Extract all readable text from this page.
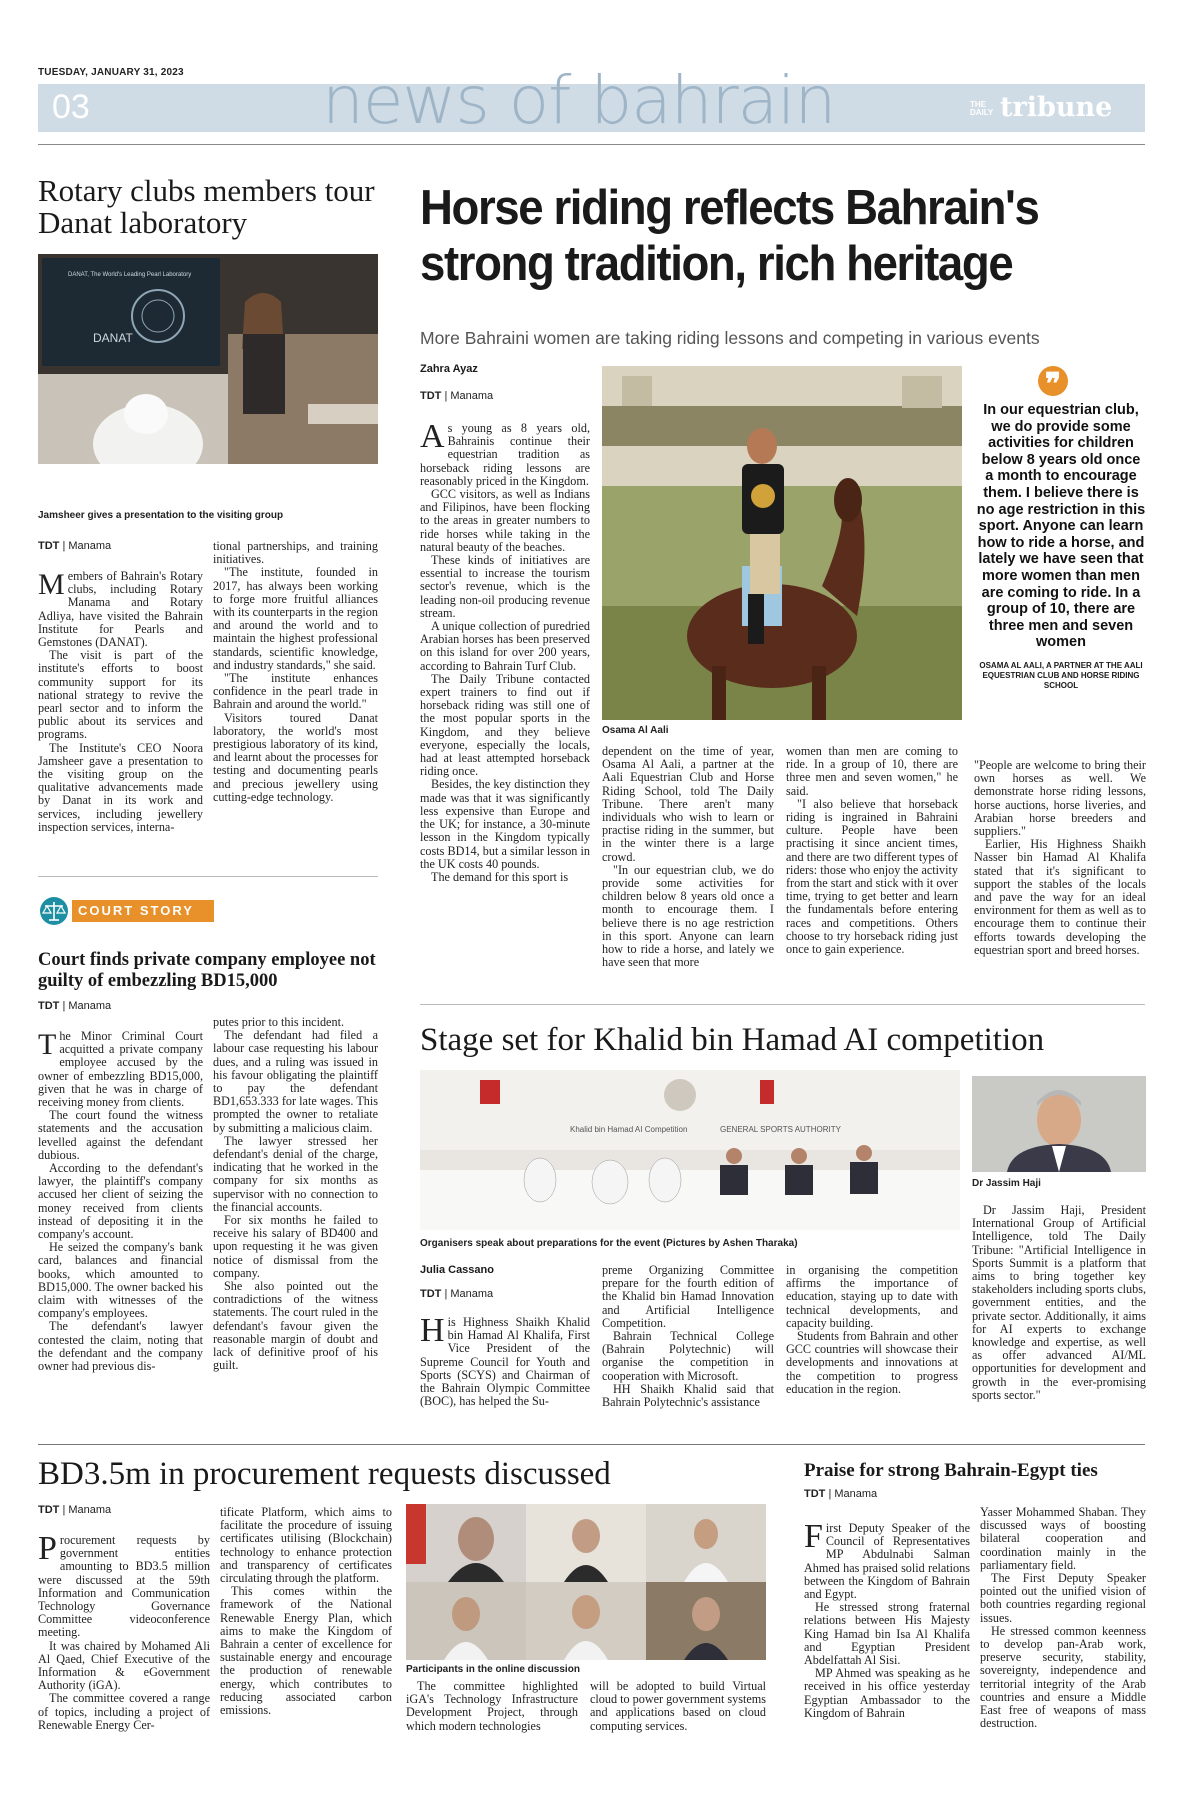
TUESDAY, JANUARY 31, 2023
03	news of bahrain	THE DAILY tribune
Rotary clubs members tour Danat laboratory
DANAT, The World's Leading Pearl Laboratory
DANAT
Jamsheer gives a presentation to the visiting group
TDT | Manama

Members of Bahrain's Rotary clubs, including Rotary Manama and Rotary Adliya, have visited the Bahrain Institute for Pearls and Gemstones (DANAT).

The visit is part of the institute's efforts to boost community support for its national strategy to revive the pearl sector and to inform the public about its services and programs.

The Institute's CEO Noora Jamsheer gave a presentation to the visiting group on the qualitative advancements made by Danat in its work and services, including jewellery inspection services, interna-

tional partnerships, and training initiatives.

"The institute, founded in 2017, has always been working to forge more fruitful alliances with its counterparts in the region and around the world and to maintain the highest professional standards, scientific knowledge, and industry standards," she said.

"The institute enhances confidence in the pearl trade in Bahrain and around the world."

Visitors toured Danat laboratory, the world's most prestigious laboratory of its kind, and learnt about the processes for testing and documenting pearls and precious jewellery using cutting-edge technology.

COURT STORY
Court finds private company employee not guilty of embezzling BD15,000
TDT | Manama

The Minor Criminal Court acquitted a private company employee accused by the owner of embezzling BD15,000, given that he was in charge of receiving money from clients.

The court found the witness statements and the accusation levelled against the defendant dubious.

According to the defendant's lawyer, the plaintiff's company accused her client of seizing the money received from clients instead of depositing it in the company's account.

He seized the company's bank card, balances and financial books, which amounted to BD15,000. The owner backed his claim with witnesses of the company's employees.

The defendant's lawyer contested the claim, noting that the defendant and the company owner had previous dis-

putes prior to this incident.

The defendant had filed a labour case requesting his labour dues, and a ruling was issued in his favour obligating the plaintiff to pay the defendant BD1,653.333 for late wages. This prompted the owner to retaliate by submitting a malicious claim.

The lawyer stressed her defendant's denial of the charge, indicating that he worked in the company for six months as supervisor with no connection to the financial accounts.

For six months he failed to receive his salary of BD400 and upon requesting it he was given notice of dismissal from the company.

She also pointed out the contradictions of the witness statements. The court ruled in the defendant's favour given the reasonable margin of doubt and lack of definitive proof of his guilt.

Horse riding reflects Bahrain's strong tradition, rich heritage
More Bahraini women are taking riding lessons and competing in various events
Zahra Ayaz
TDT | Manama
Osama Al Aali
❞
In our equestrian club, we do provide some activities for children below 8 years old once a month to encourage them. I believe there is no age restriction in this sport. Anyone can learn how to ride a horse, and lately we have seen that more women than men are coming to ride. In a group of 10, there are three men and seven women
OSAMA AL AALI, A PARTNER AT THE AALI EQUESTRIAN CLUB AND HORSE RIDING SCHOOL

As young as 8 years old, Bahrainis continue their equestrian tradition as horseback riding lessons are reasonably priced in the Kingdom.

GCC visitors, as well as Indians and Filipinos, have been flocking to the areas in greater numbers to ride horses while taking in the natural beauty of the beaches.

These kinds of initiatives are essential to increase the tourism sector's revenue, which is the leading non-oil producing revenue stream.

A unique collection of puredried Arabian horses has been preserved on this island for over 200 years, according to Bahrain Turf Club.

The Daily Tribune contacted expert trainers to find out if horseback riding was still one of the most popular sports in the Kingdom, and they believe everyone, especially the locals, had at least attempted horseback riding once.

Besides, the key distinction they made was that it was significantly less expensive than Europe and the UK; for instance, a 30-minute lesson in the Kingdom typically costs BD14, but a similar lesson in the UK costs 40 pounds.

The demand for this sport is

dependent on the time of year, Osama Al Aali, a partner at the Aali Equestrian Club and Horse Riding School, told The Daily Tribune. There aren't many individuals who wish to learn or practise riding in the summer, but in the winter there is a large crowd.

"In our equestrian club, we do provide some activities for children below 8 years old once a month to encourage them. I believe there is no age restriction in this sport. Anyone can learn how to ride a horse, and lately we have seen that more

women than men are coming to ride. In a group of 10, there are three men and seven women," he said.

"I also believe that horseback riding is ingrained in Bahraini culture. People have been practising it since ancient times, and there are two different types of riders: those who enjoy the activity from the start and stick with it over time, trying to get better and learn the fundamentals before entering races and competitions. Others choose to try horseback riding just once to gain experience.

"People are welcome to bring their own horses as well. We demonstrate horse riding lessons, horse auctions, horse liveries, and Arabian horse breeders and suppliers."

Earlier, His Highness Shaikh Nasser bin Hamad Al Khalifa stated that it's significant to support the stables of the locals and pave the way for an ideal environment for them as well as to encourage them to continue their efforts towards developing the equestrian sport and breed horses.

Stage set for Khalid bin Hamad AI competition
Khalid bin Hamad AI Competition	GENERAL SPORTS AUTHORITY
Dr Jassim Haji
Organisers speak about preparations for the event (Pictures by Ashen Tharaka)
Julia Cassano
TDT | Manama

His Highness Shaikh Khalid bin Hamad Al Khalifa, First Vice President of the Supreme Council for Youth and Sports (SCYS) and Chairman of the Bahrain Olympic Committee (BOC), has helped the Su-

preme Organizing Committee prepare for the fourth edition of the Khalid bin Hamad Innovation and Artificial Intelligence Competition.

Bahrain Technical College (Bahrain Polytechnic) will organise the competition in cooperation with Microsoft.

HH Shaikh Khalid said that Bahrain Polytechnic's assistance

in organising the competition affirms the importance of education, staying up to date with technical developments, and capacity building.

Students from Bahrain and other GCC countries will showcase their developments and innovations at the competition to progress education in the region.

Dr Jassim Haji, President International Group of Artificial Intelligence, told The Daily Tribune: "Artificial Intelligence in Sports Summit is a platform that aims to bring together key stakeholders including sports clubs, government entities, and the private sector. Additionally, it aims for AI experts to exchange knowledge and expertise, as well as offer advanced AI/ML opportunities for development and growth in the ever-promising sports sector."

BD3.5m in procurement requests discussed
TDT | Manama

Procurement requests by government entities amounting to BD3.5 million were discussed at the 59th Information and Communication Technology Governance Committee videoconference meeting.

It was chaired by Mohamed Ali Al Qaed, Chief Executive of the Information & eGovernment Authority (iGA).

The committee covered a range of topics, including a project of Renewable Energy Cer-

tificate Platform, which aims to facilitate the procedure of issuing certificates utilising (Blockchain) technology to enhance protection and transparency of certificates circulating through the platform.

This comes within the framework of the National Renewable Energy Plan, which aims to make the Kingdom of Bahrain a center of excellence for sustainable energy and encourage the production of renewable energy, which contributes to reducing associated carbon emissions.

Participants in the online discussion

The committee highlighted iGA's Technology Infrastructure Development Project, through which modern technologies

will be adopted to build Virtual cloud to power government systems and applications based on cloud computing services.

Praise for strong Bahrain-Egypt ties
TDT | Manama

First Deputy Speaker of the Council of Representatives MP Abdulnabi Salman Ahmed has praised solid relations between the Kingdom of Bahrain and Egypt.

He stressed strong fraternal relations between His Majesty King Hamad bin Isa Al Khalifa and Egyptian President Abdelfattah Al Sisi.

MP Ahmed was speaking as he received in his office yesterday Egyptian Ambassador to the Kingdom of Bahrain

Yasser Mohammed Shaban. They discussed ways of boosting bilateral cooperation and coordination mainly in the parliamentary field.

The First Deputy Speaker pointed out the unified vision of both countries regarding regional issues.

He stressed common keenness to develop pan-Arab work, preserve security, stability, sovereignty, independence and territorial integrity of the Arab countries and ensure a Middle East free of weapons of mass destruction.
